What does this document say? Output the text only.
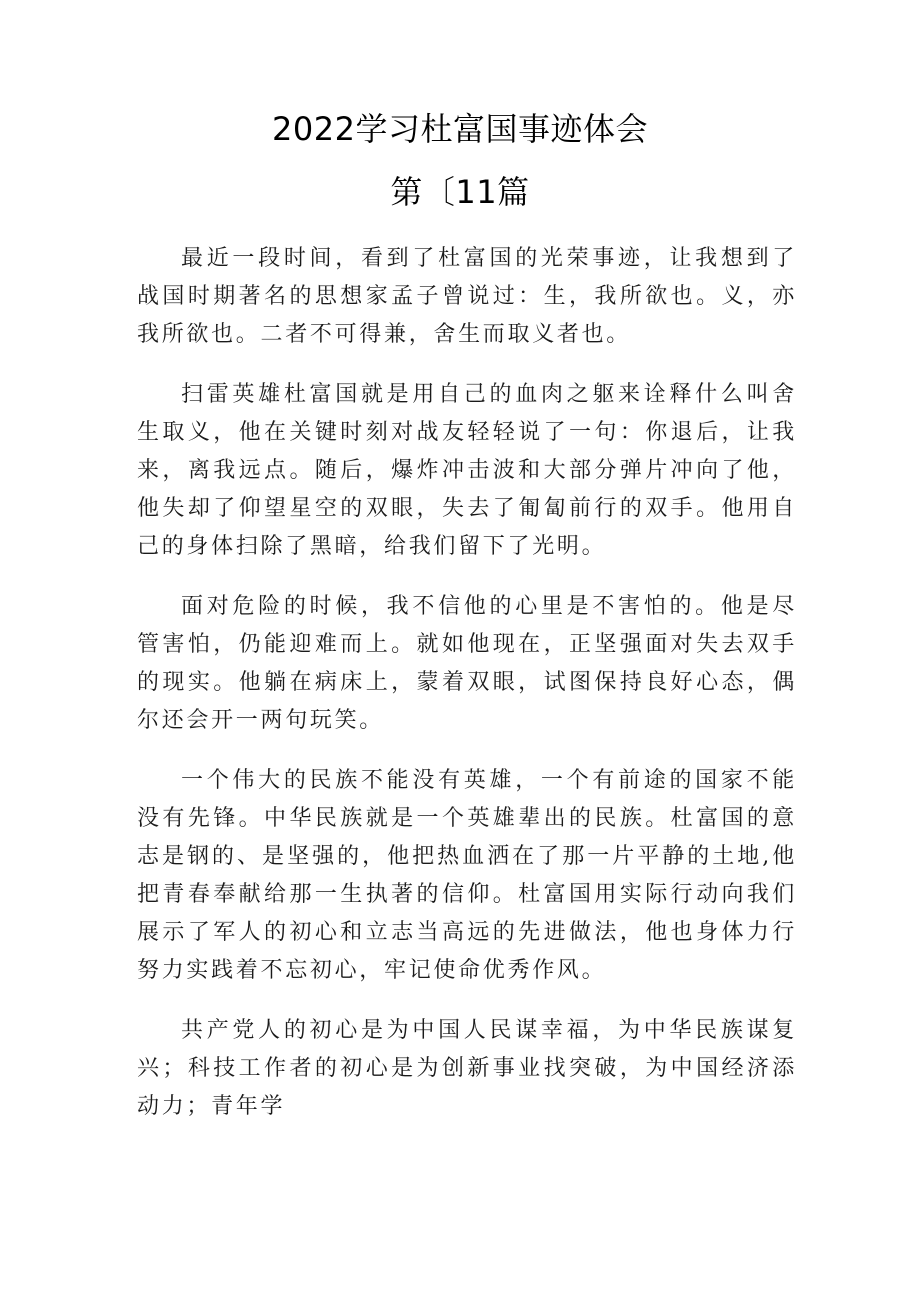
2022学习杜富国事迹体会
第〔11篇

最近一段时间，看到了杜富国的光荣事迹，让我想到了战国时期著名的思想家孟子曾说过：生，我所欲也。义，亦我所欲也。二者不可得兼，舍生而取义者也。

扫雷英雄杜富国就是用自己的血肉之躯来诠释什么叫舍生取义，他在关键时刻对战友轻轻说了一句：你退后，让我来，离我远点。随后，爆炸冲击波和大部分弹片冲向了他，他失却了仰望星空的双眼，失去了匍匐前行的双手。他用自己的身体扫除了黑暗，给我们留下了光明。

面对危险的时候，我不信他的心里是不害怕的。他是尽管害怕，仍能迎难而上。就如他现在，正坚强面对失去双手的现实。他躺在病床上，蒙着双眼，试图保持良好心态，偶尔还会开一两句玩笑。

一个伟大的民族不能没有英雄，一个有前途的国家不能没有先锋。中华民族就是一个英雄辈出的民族。杜富国的意志是钢的、是坚强的，他把热血洒在了那一片平静的土地,他把青春奉献给那一生执著的信仰。杜富国用实际行动向我们展示了军人的初心和立志当高远的先进做法，他也身体力行努力实践着不忘初心，牢记使命优秀作风。

共产党人的初心是为中国人民谋幸福，为中华民族谋复兴；科技工作者的初心是为创新事业找突破，为中国经济添动力；青年学
